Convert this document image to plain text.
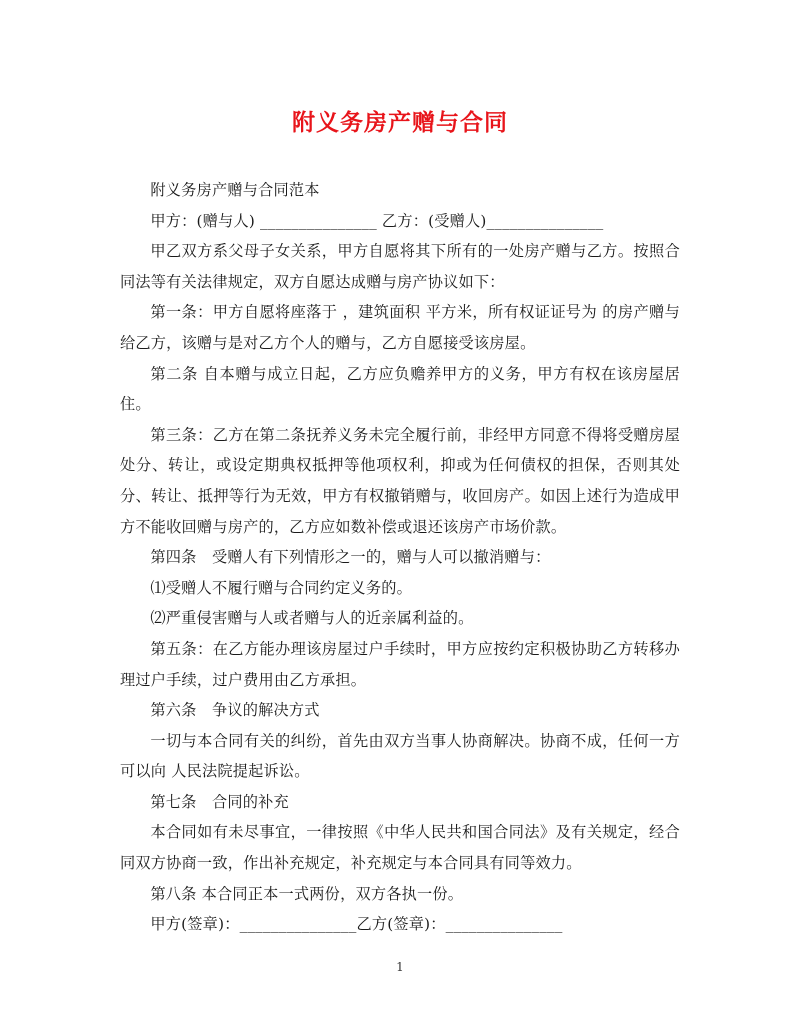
附义务房产赠与合同

附义务房产赠与合同范本

甲方：(赠与人) _______________ 乙方：(受赠人)_______________

甲乙双方系父母子女关系，甲方自愿将其下所有的一处房产赠与乙方。按照合同法等有关法律规定，双方自愿达成赠与房产协议如下：

第一条：甲方自愿将座落于 ，建筑面积 平方米，所有权证证号为 的房产赠与给乙方，该赠与是对乙方个人的赠与，乙方自愿接受该房屋。

第二条 自本赠与成立日起，乙方应负赡养甲方的义务，甲方有权在该房屋居住。

第三条：乙方在第二条抚养义务未完全履行前，非经甲方同意不得将受赠房屋处分、转让，或设定期典权抵押等他项权利，抑或为任何债权的担保，否则其处分、转让、抵押等行为无效，甲方有权撤销赠与，收回房产。如因上述行为造成甲方不能收回赠与房产的，乙方应如数补偿或退还该房产市场价款。

第四条　受赠人有下列情形之一的，赠与人可以撤消赠与：

⑴受赠人不履行赠与合同约定义务的。

⑵严重侵害赠与人或者赠与人的近亲属利益的。

第五条：在乙方能办理该房屋过户手续时，甲方应按约定积极协助乙方转移办理过户手续，过户费用由乙方承担。

第六条　争议的解决方式

一切与本合同有关的纠纷，首先由双方当事人协商解决。协商不成，任何一方可以向 人民法院提起诉讼。

第七条　合同的补充

本合同如有未尽事宜，一律按照《中华人民共和国合同法》及有关规定，经合同双方协商一致，作出补充规定，补充规定与本合同具有同等效力。

第八条 本合同正本一式两份，双方各执一份。

甲方(签章)：_______________乙方(签章)：_______________

1
